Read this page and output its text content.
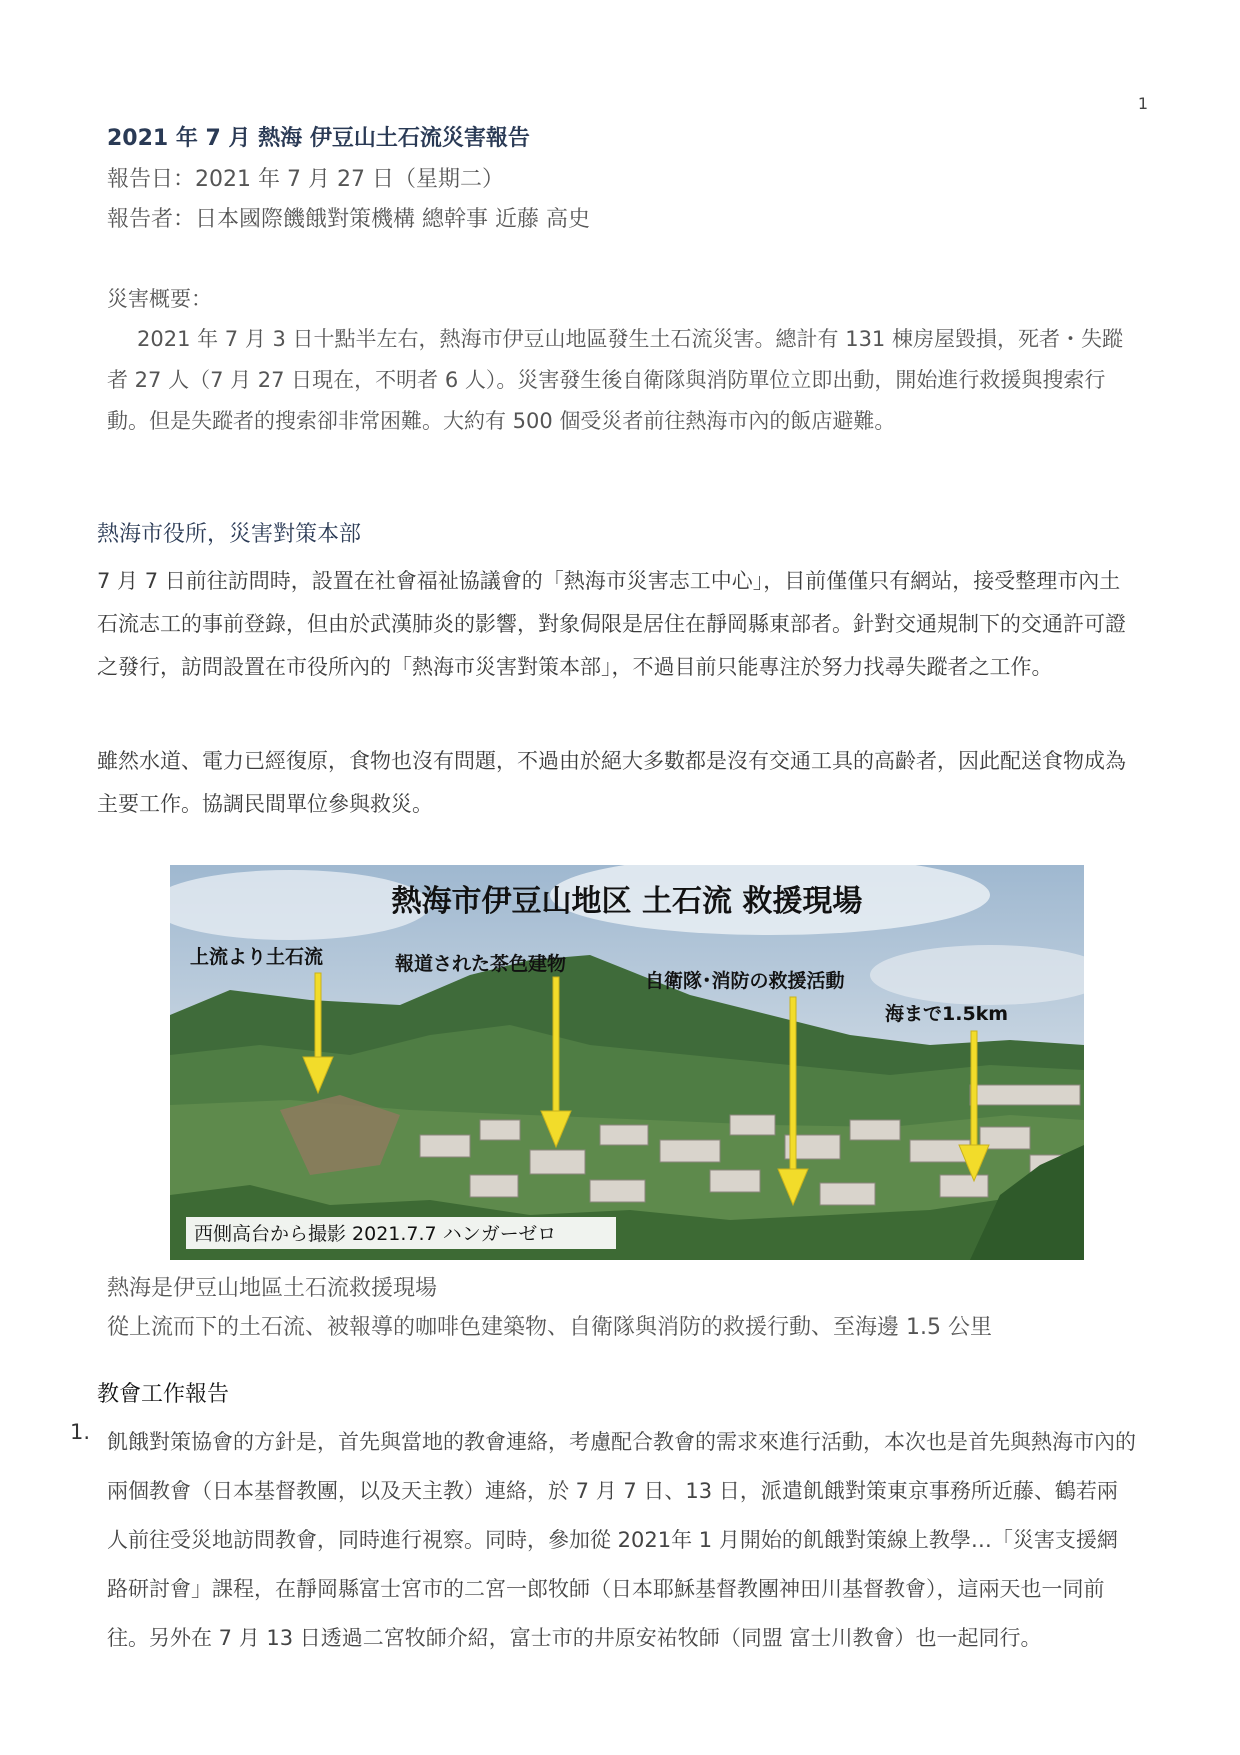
1
2021 年 7 月 熱海 伊豆山土石流災害報告
報告日：2021 年 7 月 27 日（星期二）
報告者：日本國際饑餓對策機構 總幹事 近藤 高史
災害概要：
2021 年 7 月 3 日十點半左右，熱海市伊豆山地區發生土石流災害。總計有 131 棟房屋毀損，死者・失蹤者 27 人（7 月 27 日現在，不明者 6 人）。災害發生後自衛隊與消防單位立即出動，開始進行救援與搜索行動。但是失蹤者的搜索卻非常困難。大約有 500 個受災者前往熱海市內的飯店避難。
熱海市役所，災害對策本部
7 月 7 日前往訪問時，設置在社會福祉協議會的「熱海市災害志工中心」，目前僅僅只有網站，接受整理市內土石流志工的事前登錄，但由於武漢肺炎的影響，對象侷限是居住在靜岡縣東部者。針對交通規制下的交通許可證之發行，訪問設置在市役所內的「熱海市災害對策本部」，不過目前只能專注於努力找尋失蹤者之工作。
雖然水道、電力已經復原，食物也沒有問題，不過由於絕大多數都是沒有交通工具的高齡者，因此配送食物成為主要工作。協調民間單位參與救災。
熱海市伊豆山地区 土石流 救援現場
上流より土石流	報道された茶色建物
自衛隊･消防の救援活動
海まで1.5km
西側高台から撮影 2021.7.7 ハンガーゼロ
熱海是伊豆山地區土石流救援現場
從上流而下的土石流、被報導的咖啡色建築物、自衛隊與消防的救援行動、至海邊 1.5 公里
教會工作報告
1. 飢餓對策協會的方針是，首先與當地的教會連絡，考慮配合教會的需求來進行活動，本次也是首先與熱海市內的兩個教會（日本基督教團，以及天主教）連絡，於 7 月 7 日、13 日，派遣飢餓對策東京事務所近藤、鶴若兩人前往受災地訪問教會，同時進行視察。同時，參加從 2021年 1 月開始的飢餓對策線上教學…「災害支援網路研討會」課程，在靜岡縣富士宮市的二宮一郎牧師（日本耶穌基督教團神田川基督教會），這兩天也一同前往。另外在 7 月 13 日透過二宮牧師介紹，富士市的井原安祐牧師（同盟 富士川教會）也一起同行。
